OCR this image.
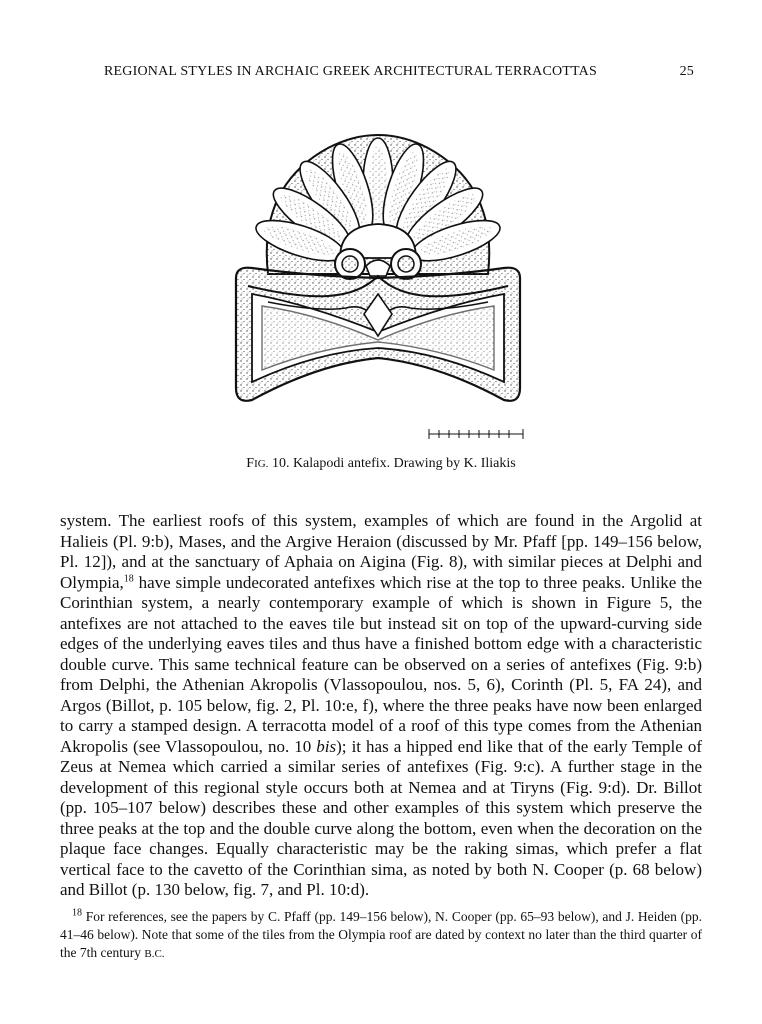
REGIONAL STYLES IN ARCHAIC GREEK ARCHITECTURAL TERRACOTTAS	25
FIG. 10. Kalapodi antefix. Drawing by K. Iliakis

system. The earliest roofs of this system, examples of which are found in the Argolid at Halieis (Pl. 9:b), Mases, and the Argive Heraion (discussed by Mr. Pfaff [pp. 149–156 below, Pl. 12]), and at the sanctuary of Aphaia on Aigina (Fig. 8), with similar pieces at Delphi and Olympia,$^{18}$ have simple undecorated antefixes which rise at the top to three peaks. Unlike the Corinthian system, a nearly contemporary example of which is shown in Figure 5, the antefixes are not attached to the eaves tile but instead sit on top of the upward-curving side edges of the underlying eaves tiles and thus have a finished bottom edge with a characteristic double curve. This same technical feature can be observed on a series of antefixes (Fig. 9:b) from Delphi, the Athenian Akropolis (Vlassopoulou, nos. 5, 6), Corinth (Pl. 5, FA 24), and Argos (Billot, p. 105 below, fig. 2, Pl. 10:e, f), where the three peaks have now been enlarged to carry a stamped design. A terracotta model of a roof of this type comes from the Athenian Akropolis (see Vlassopoulou, no. 10 bis); it has a hipped end like that of the early Temple of Zeus at Nemea which carried a similar series of antefixes (Fig. 9:c). A further stage in the development of this regional style occurs both at Nemea and at Tiryns (Fig. 9:d). Dr. Billot (pp. 105–107 below) describes these and other examples of this system which preserve the three peaks at the top and the double curve along the bottom, even when the decoration on the plaque face changes. Equally characteristic may be the raking simas, which prefer a flat vertical face to the cavetto of the Corinthian sima, as noted by both N. Cooper (p. 68 below) and Billot (p. 130 below, fig. 7, and Pl. 10:d).

$^{18}$ For references, see the papers by C. Pfaff (pp. 149–156 below), N. Cooper (pp. 65–93 below), and J. Heiden (pp. 41–46 below). Note that some of the tiles from the Olympia roof are dated by context no later than the third quarter of the 7th century B.C.
